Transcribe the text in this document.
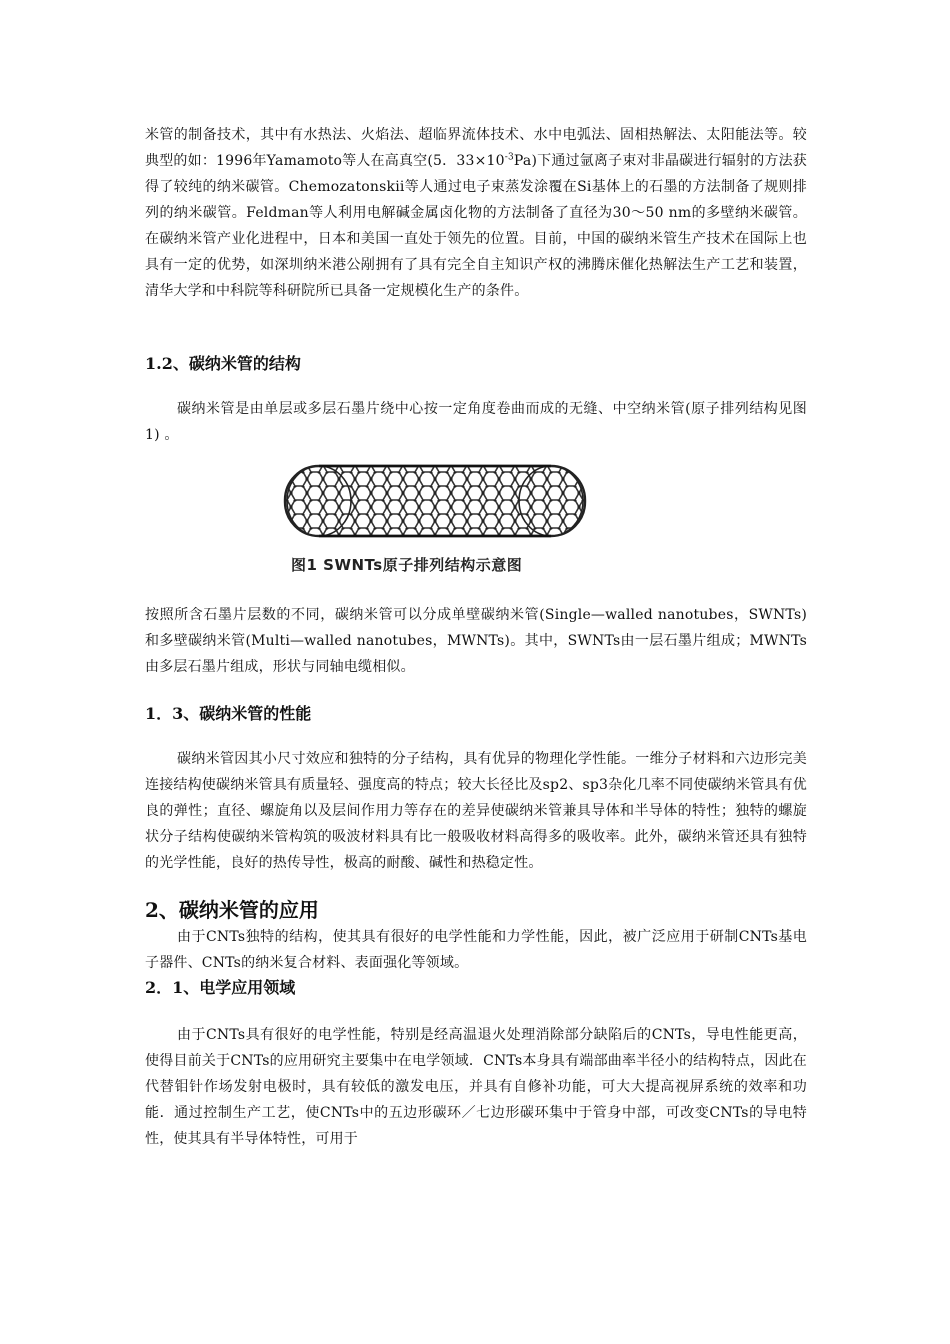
米管的制备技术，其中有水热法、火焰法、超临界流体技术、水中电弧法、固相热解法、太阳能法等。较典型的如：1996年Yamamoto等人在高真空(5．$33\times 10^{-3}Pa$)下通过氩离子束对非晶碳进行辐射的方法获得了较纯的纳米碳管。Chemozatonskii等人通过电子束蒸发涂覆在Si基体上的石墨的方法制备了规则排列的纳米碳管。Feldman等人利用电解碱金属卤化物的方法制备了直径为30～50 nm的多壁纳米碳管。在碳纳米管产业化进程中，日本和美国一直处于领先的位置。目前，中国的碳纳米管生产技术在国际上也具有一定的优势，如深圳纳米港公剐拥有了具有完全自主知识产权的沸腾床催化热解法生产工艺和装置，清华大学和中科院等科研院所已具备一定规模化生产的条件。

1.2、碳纳米管的结构

碳纳米管是由单层或多层石墨片绕中心按一定角度卷曲而成的无缝、中空纳米管(原子排列结构见图1) 。

图1 SWNTs原子排列结构示意图

按照所含石墨片层数的不同，碳纳米管可以分成单壁碳纳米管(Single—walled nanotubes，SWNTs)和多壁碳纳米管(Multi—walled nanotubes，MWNTs)。其中，SWNTs由一层石墨片组成；MWNTs由多层石墨片组成，形状与同轴电缆相似。

1．3、碳纳米管的性能

碳纳米管因其小尺寸效应和独特的分子结构，具有优异的物理化学性能。一维分子材料和六边形完美连接结构使碳纳米管具有质量轻、强度高的特点；较大长径比及sp2、sp3杂化几率不同使碳纳米管具有优良的弹性；直径、螺旋角以及层间作用力等存在的差异使碳纳米管兼具导体和半导体的特性；独特的螺旋状分子结构使碳纳米管构筑的吸波材料具有比一般吸收材料高得多的吸收率。此外，碳纳米管还具有独特的光学性能，良好的热传导性，极高的耐酸、碱性和热稳定性。

2、碳纳米管的应用

由于CNTs独特的结构，使其具有很好的电学性能和力学性能，因此，被广泛应用于研制CNTs基电子器件、CNTs的纳米复合材料、表面强化等领域。

2．1、电学应用领域

由于CNTs具有很好的电学性能，特别是经高温退火处理消除部分缺陷后的CNTs，导电性能更高，使得目前关于CNTs的应用研究主要集中在电学领域．CNTs本身具有端部曲率半径小的结构特点，因此在代替钼针作场发射电极时，具有较低的激发电压，并具有自修补功能，可大大提高视屏系统的效率和功能．通过控制生产工艺，使CNTs中的五边形碳环／七边形碳环集中于管身中部，可改变CNTs的导电特性，使其具有半导体特性，可用于
